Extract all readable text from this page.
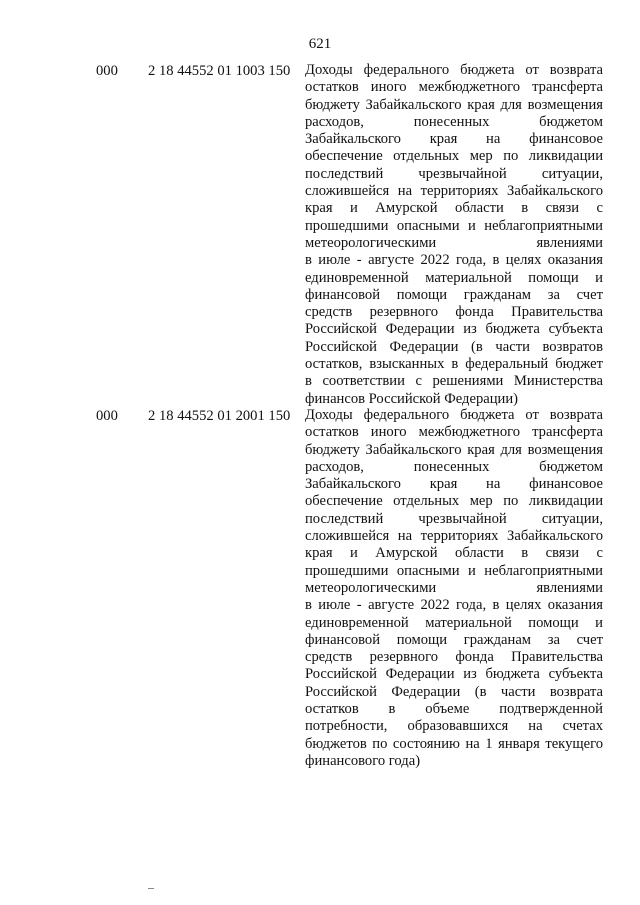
621
000 2 18 44552 01 1003 150 Доходы федерального бюджета от возврата
остатков иного межбюджетного трансферта
бюджету Забайкальского края для возмещения
расходов, понесенных бюджетом
Забайкальского края на финансовое
обеспечение отдельных мер по ликвидации
последствий чрезвычайной ситуации,
сложившейся на территориях Забайкальского
края и Амурской области в связи с
прошедшими опасными и неблагоприятными
метеорологическими явлениями
в июле - августе 2022 года, в целях оказания
единовременной материальной помощи и
финансовой помощи гражданам за счет
средств резервного фонда Правительства
Российской Федерации из бюджета субъекта
Российской Федерации (в части возвратов
остатков, взысканных в федеральный бюджет
в соответствии с решениями Министерства
финансов Российской Федерации)
000 2 18 44552 01 2001 150 Доходы федерального бюджета от возврата
остатков иного межбюджетного трансферта
бюджету Забайкальского края для возмещения
расходов, понесенных бюджетом
Забайкальского края на финансовое
обеспечение отдельных мер по ликвидации
последствий чрезвычайной ситуации,
сложившейся на территориях Забайкальского
края и Амурской области в связи с
прошедшими опасными и неблагоприятными
метеорологическими явлениями
в июле - августе 2022 года, в целях оказания
единовременной материальной помощи и
финансовой помощи гражданам за счет
средств резервного фонда Правительства
Российской Федерации из бюджета субъекта
Российской Федерации (в части возврата
остатков в объеме подтвержденной
потребности, образовавшихся на счетах
бюджетов по состоянию на 1 января текущего
финансового года)
